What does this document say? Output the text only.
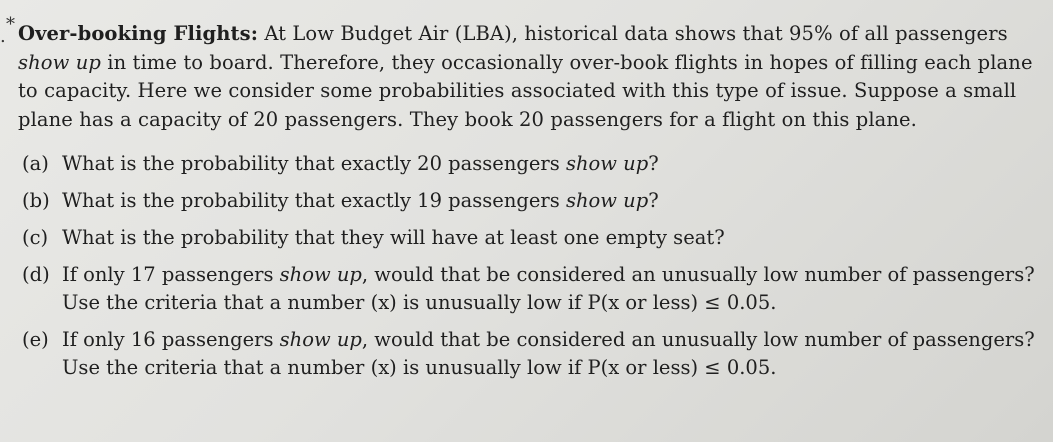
.
* Over-booking Flights: At Low Budget Air (LBA), historical data shows that 95% of all passengers
show up in time to board. Therefore, they occasionally over-book flights in hopes of filling each plane
to capacity. Here we consider some probabilities associated with this type of issue. Suppose a small
plane has a capacity of 20 passengers. They book 20 passengers for a flight on this plane.
(a) What is the probability that exactly 20 passengers show up?
(b) What is the probability that exactly 19 passengers show up?
(c) What is the probability that they will have at least one empty seat?
(d) If only 17 passengers show up, would that be considered an unusually low number of passengers?
Use the criteria that a number (x) is unusually low if P(x or less) ≤ 0.05.
(e) If only 16 passengers show up, would that be considered an unusually low number of passengers?
Use the criteria that a number (x) is unusually low if P(x or less) ≤ 0.05.
